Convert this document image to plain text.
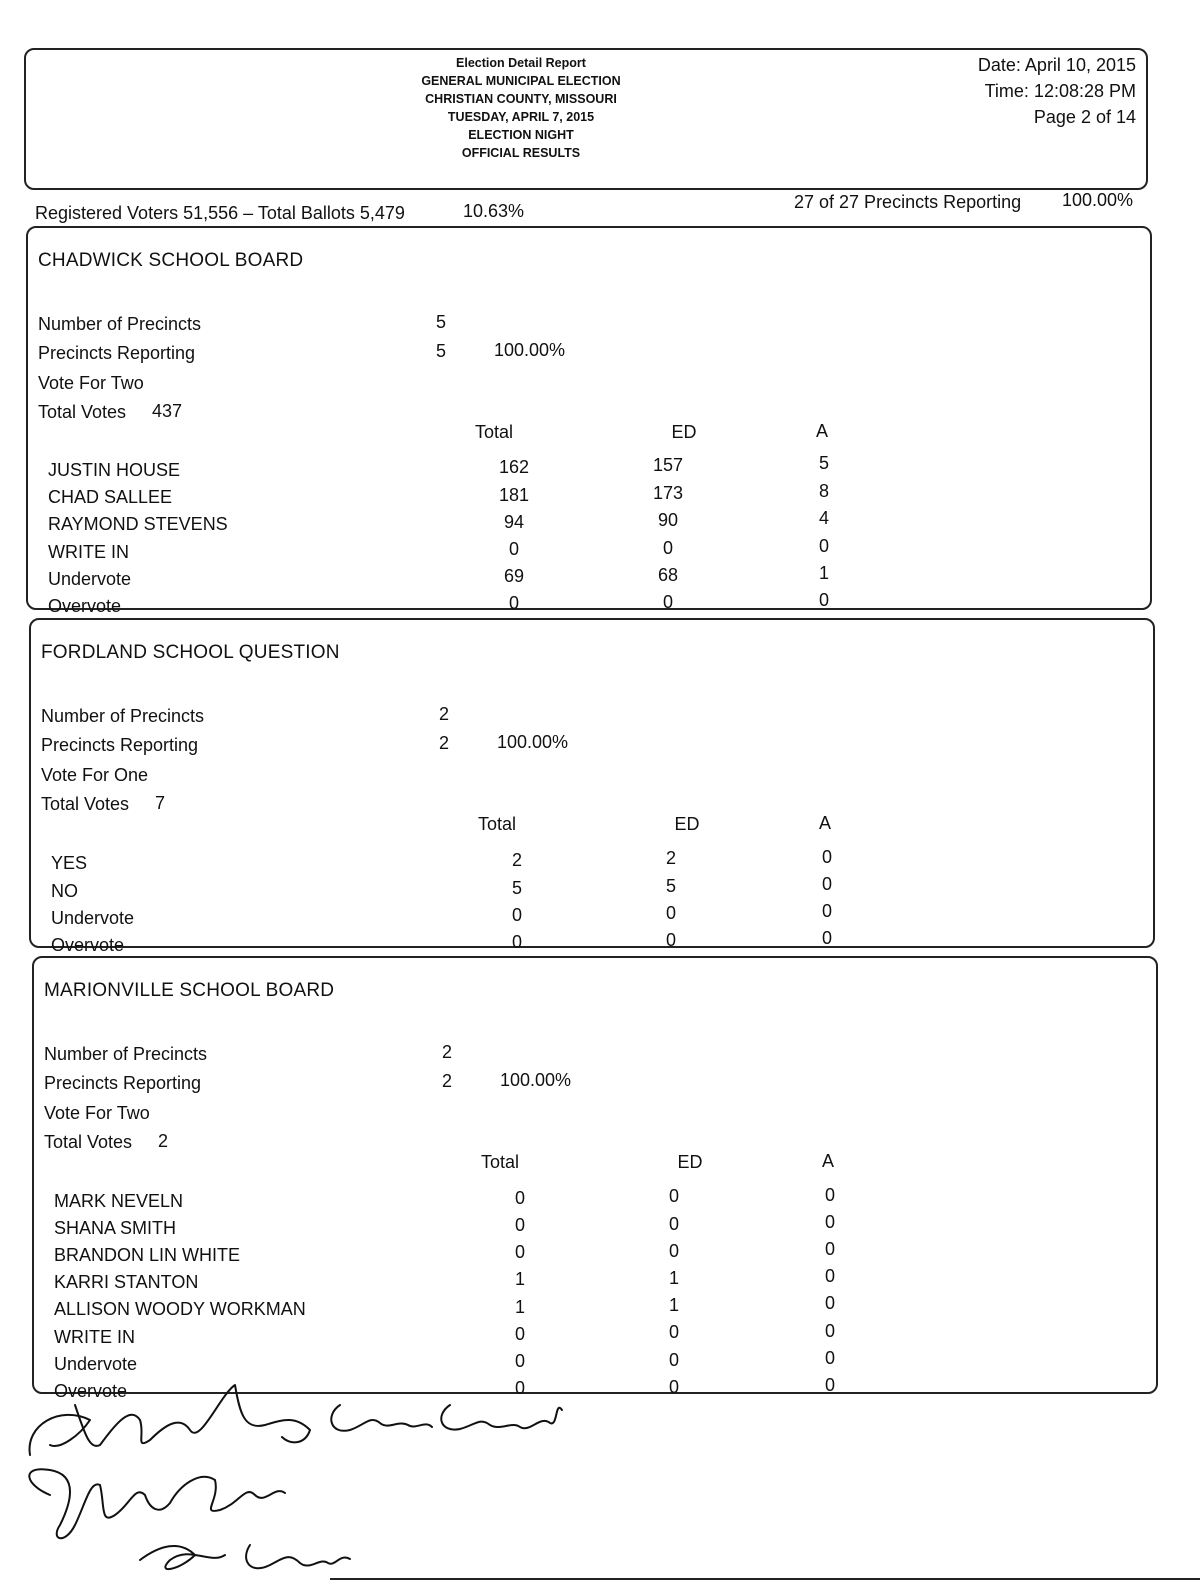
Election Detail Report
GENERAL MUNICIPAL ELECTION
CHRISTIAN COUNTY, MISSOURI
TUESDAY, APRIL 7, 2015
ELECTION NIGHT
OFFICIAL RESULTS
Date: April 10, 2015
Time: 12:08:28 PM
Page 2 of 14
Registered Voters 51,556 – Total Ballots 5,479	10.63%	27 of 27 Precincts Reporting 100.00%
CHADWICK SCHOOL BOARD
Number of Precincts	5
Precincts Reporting	5	100.00%
Vote For Two
Total Votes 437
Total	ED	A
JUSTIN HOUSE	162	157	5
CHAD SALLEE	181	173	8
RAYMOND STEVENS	94	90	4
WRITE IN	0	0	0
Undervote	69	68	1
Overvote	0	0	0
FORDLAND SCHOOL QUESTION
Number of Precincts	2
Precincts Reporting	2	100.00%
Vote For One
Total Votes 7
Total	ED	A
YES	2	2	0
NO	5	5	0
Undervote	0	0	0
Overvote	0	0	0
MARIONVILLE SCHOOL BOARD
Number of Precincts	2
Precincts Reporting	2	100.00%
Vote For Two
Total Votes 2
Total	ED	A
MARK NEVELN	0	0	0
SHANA SMITH	0	0	0
BRANDON LIN WHITE	0	0	0
KARRI STANTON	1	1	0
ALLISON WOODY WORKMAN	1	1	0
WRITE IN	0	0	0
Undervote	0	0	0
Overvote	0	0	0
